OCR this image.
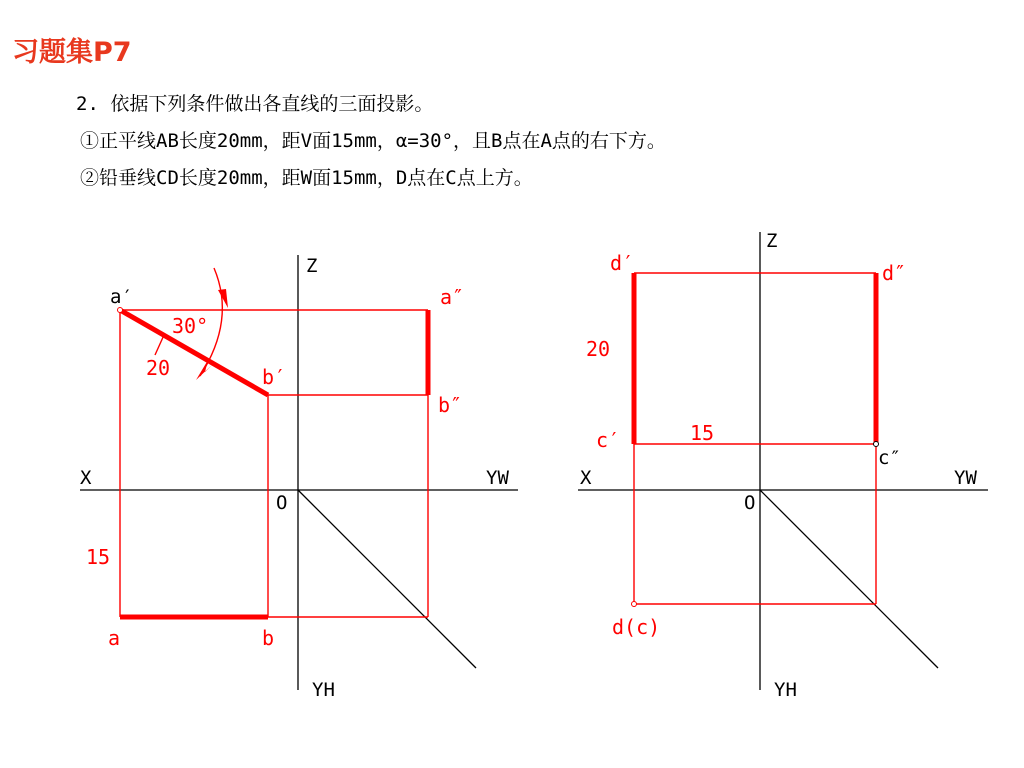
习题集P7
2. 依据下列条件做出各直线的三面投影。
①正平线AB长度20mm，距V面15mm，α=30°，且B点在A点的右下方。
②铅垂线CD长度20mm，距W面15mm，D点在C点上方。
Z
X	YW
O
YH
a′	a″
b′
b″
30°
20
15
a	b
Z
X	YW
O
YH
c″
d′	d″
20
c′	15
d(c)
